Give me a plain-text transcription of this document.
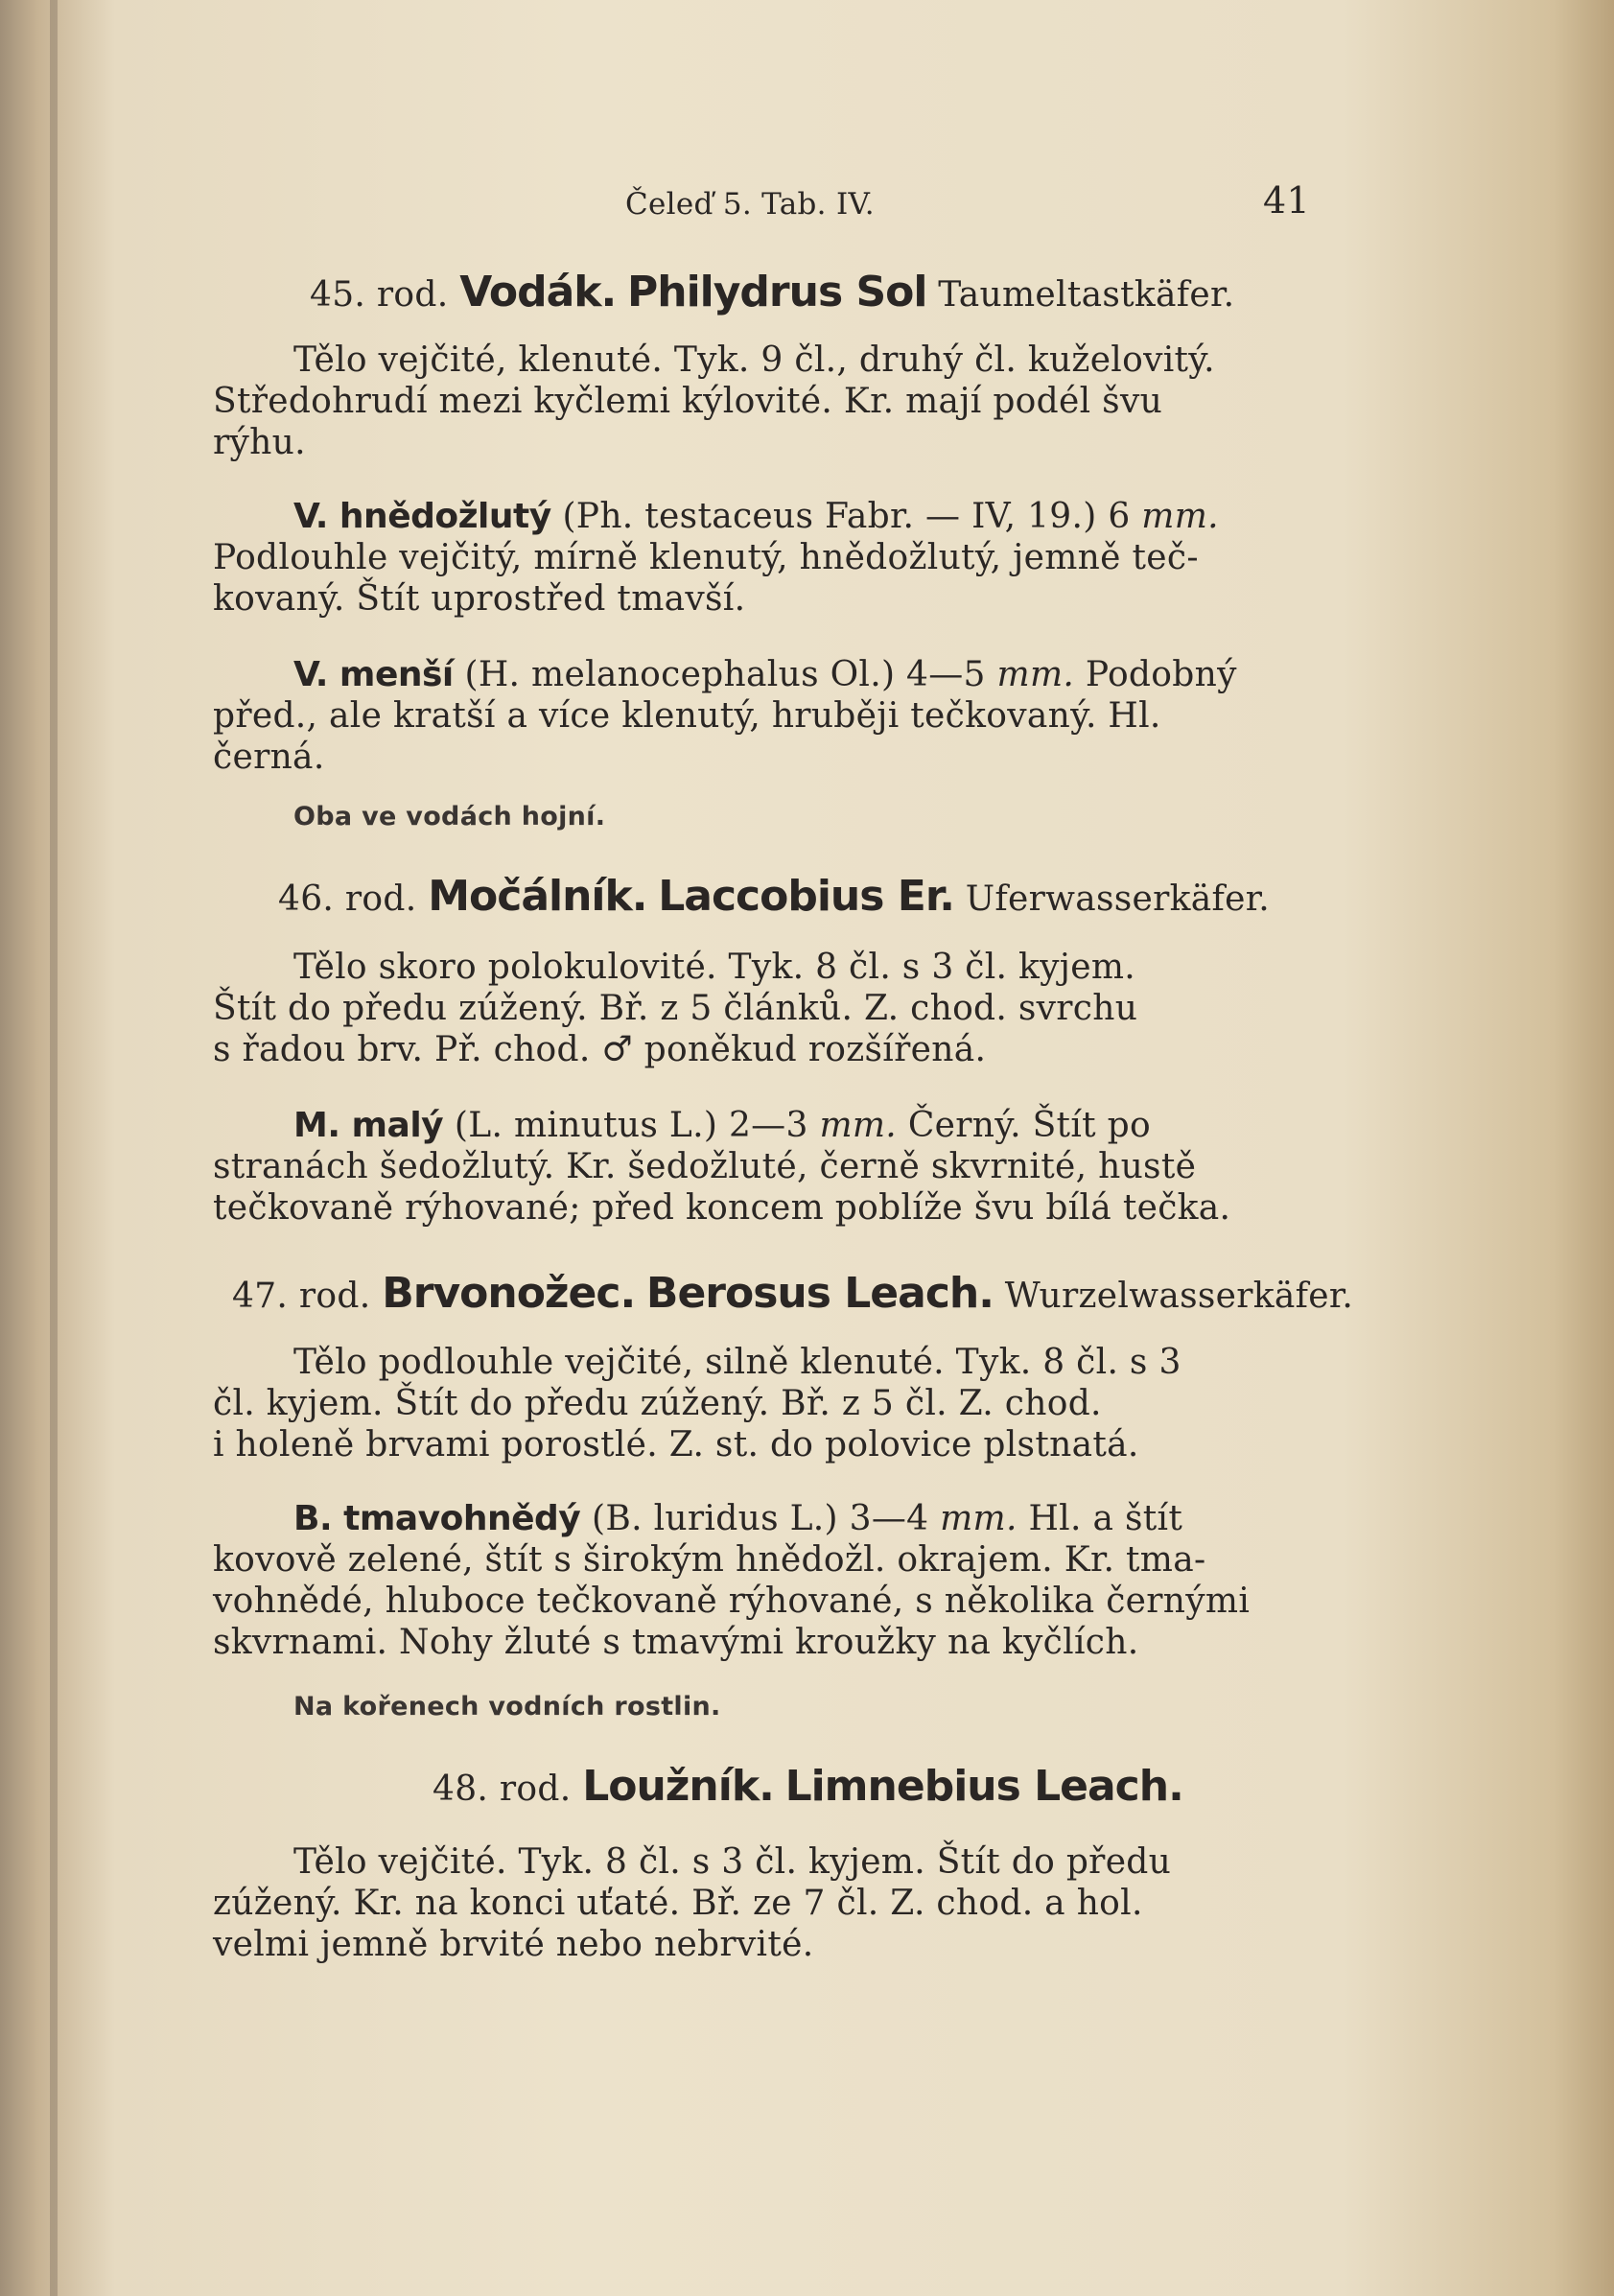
Čeleď 5. Tab. IV.	41
45. rod. Vodák. Philydrus Sol Taumeltastkäfer.
Tělo vejčité, klenuté. Tyk. 9 čl., druhý čl. kuželovitý.
Středohrudí mezi kyčlemi kýlovité. Kr. mají podél švu
rýhu.
V. hnědožlutý (Ph. testaceus Fabr. — IV, 19.) 6 mm.
Podlouhle vejčitý, mírně klenutý, hnědožlutý, jemně teč-
kovaný. Štít uprostřed tmavší.
V. menší (H. melanocephalus Ol.) 4—5 mm. Podobný
před., ale kratší a více klenutý, hruběji tečkovaný. Hl.
černá.
Oba ve vodách hojní.
46. rod. Močálník. Laccobius Er. Uferwasserkäfer.
Tělo skoro polokulovité. Tyk. 8 čl. s 3 čl. kyjem.
Štít do předu zúžený. Bř. z 5 článků. Z. chod. svrchu
s řadou brv. Př. chod. ♂ poněkud rozšířená.
M. malý (L. minutus L.) 2—3 mm. Černý. Štít po
stranách šedožlutý. Kr. šedožluté, černě skvrnité, hustě
tečkovaně rýhované; před koncem poblíže švu bílá tečka.
47. rod. Brvonožec. Berosus Leach. Wurzelwasserkäfer.
Tělo podlouhle vejčité, silně klenuté. Tyk. 8 čl. s 3
čl. kyjem. Štít do předu zúžený. Bř. z 5 čl. Z. chod.
i holeně brvami porostlé. Z. st. do polovice plstnatá.
B. tmavohnědý (B. luridus L.) 3—4 mm. Hl. a štít
kovově zelené, štít s širokým hnědožl. okrajem. Kr. tma-
vohnědé, hluboce tečkovaně rýhované, s několika černými
skvrnami. Nohy žluté s tmavými kroužky na kyčlích.
Na kořenech vodních rostlin.
48. rod. Loužník. Limnebius Leach.
Tělo vejčité. Tyk. 8 čl. s 3 čl. kyjem. Štít do předu
zúžený. Kr. na konci uťaté. Bř. ze 7 čl. Z. chod. a hol.
velmi jemně brvité nebo nebrvité.
